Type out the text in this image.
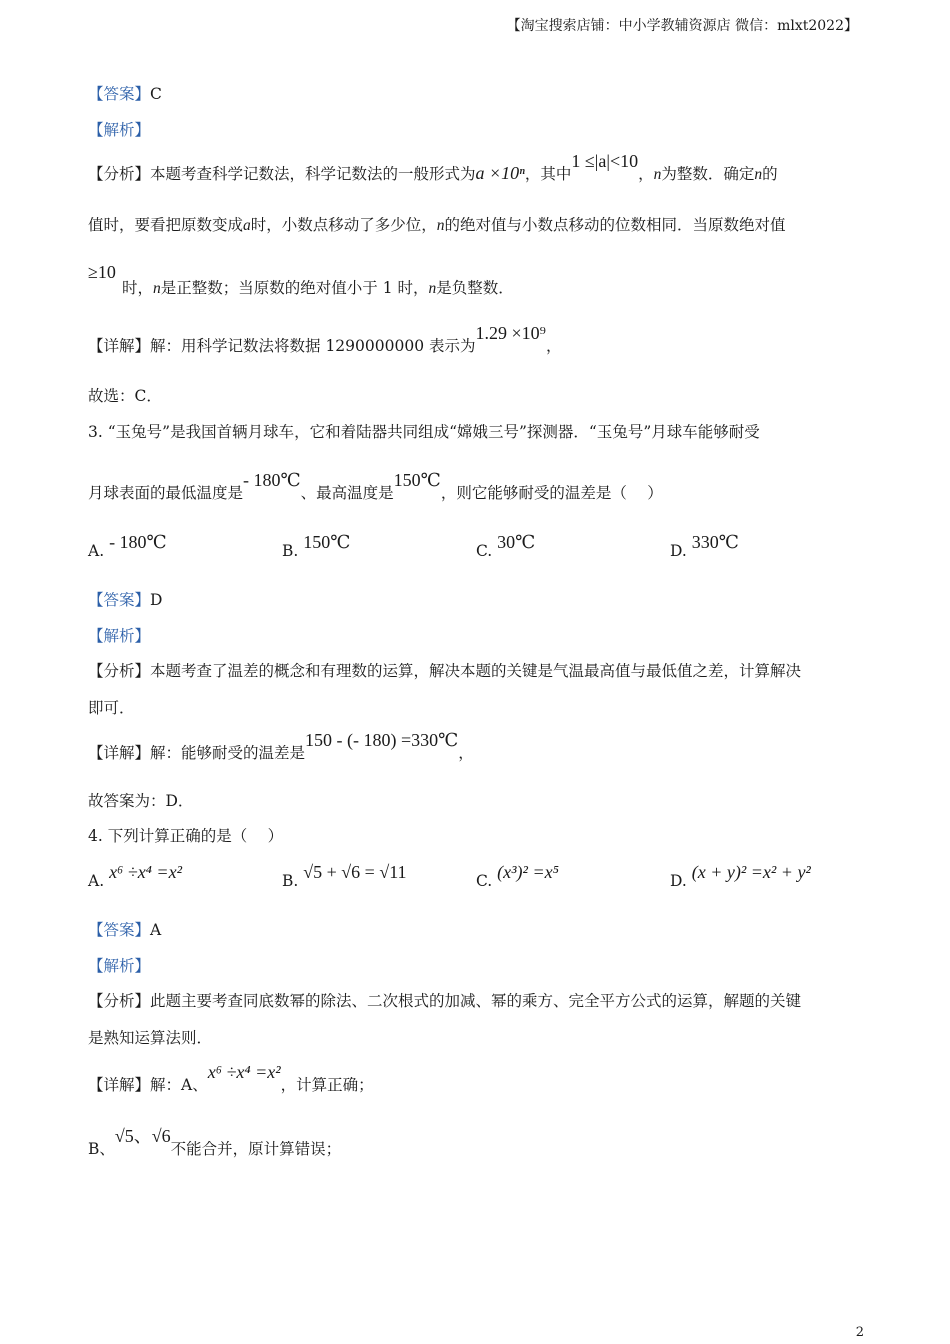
【淘宝搜索店铺：中小学教辅资源店 微信：mlxt2022】
【答案】C
【解析】
【分析】本题考查科学记数法，科学记数法的一般形式为a ×10ⁿ，其中1 ≤|a|<10，n为整数．确定n的
值时，要看把原数变成a时，小数点移动了多少位，n的绝对值与小数点移动的位数相同．当原数绝对值
≥10
时，n是正整数；当原数的绝对值小于 1 时，n是负整数．
【详解】解：用科学记数法将数据 1290000000 表示为1.29 ×10⁹，
故选：C．
3. “玉兔号”是我国首辆月球车，它和着陆器共同组成“嫦娥三号”探测器．“玉兔号”月球车能够耐受
月球表面的最低温度是- 180℃、最高温度是150℃，则它能够耐受的温差是（　 ）
A. - 180℃	B. 150℃	C. 30℃	D. 330℃
【答案】D
【解析】
【分析】本题考查了温差的概念和有理数的运算，解决本题的关键是气温最高值与最低值之差，计算解决
即可．
【详解】解：能够耐受的温差是150 - (- 180) =330℃，
故答案为：D．
4. 下列计算正确的是（　 ）
A. x⁶ ÷x⁴ =x²	B. √5 + √6 = √11	C. (x³)² =x⁵	D. (x + y)² =x² + y²
【答案】A
【解析】
【分析】此题主要考查同底数幂的除法、二次根式的加减、幂的乘方、完全平方公式的运算，解题的关键
是熟知运算法则．
【详解】解：A、x⁶ ÷x⁴ =x²，计算正确；
B、√5、√6不能合并，原计算错误；
2
